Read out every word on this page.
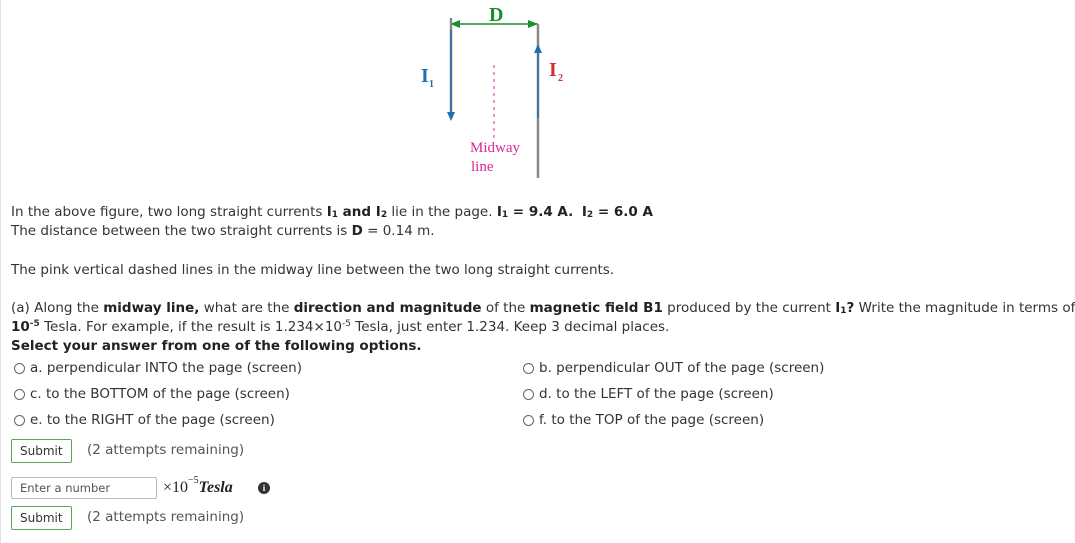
D
I 1
I 2
Midway
line
In the above figure, two long straight currents $I_1$ and $I_2$ lie in the page. $I_1 = 9.4$ A. $I_2 = 6.0$ A
The distance between the two straight currents is D = 0.14 m.
The pink vertical dashed lines in the midway line between the two long straight currents.
(a) Along the midway line, what are the direction and magnitude of the magnetic field B1 produced by the current $I_1$? Write the magnitude in terms of
$10^{-5}$ Tesla. For example, if the result is $1.234\times 10^{-5}$ Tesla, just enter 1.234. Keep 3 decimal places.
Select your answer from one of the following options.
a. perpendicular INTO the page (screen)	b. perpendicular OUT of the page (screen)
c. to the BOTTOM of the page (screen)	d. to the LEFT of the page (screen)
e. to the RIGHT of the page (screen)	f. to the TOP of the page (screen)
Submit	(2 attempts remaining)
Enter a number
$\times 10^{-5}Tesla$	i
Submit	(2 attempts remaining)
